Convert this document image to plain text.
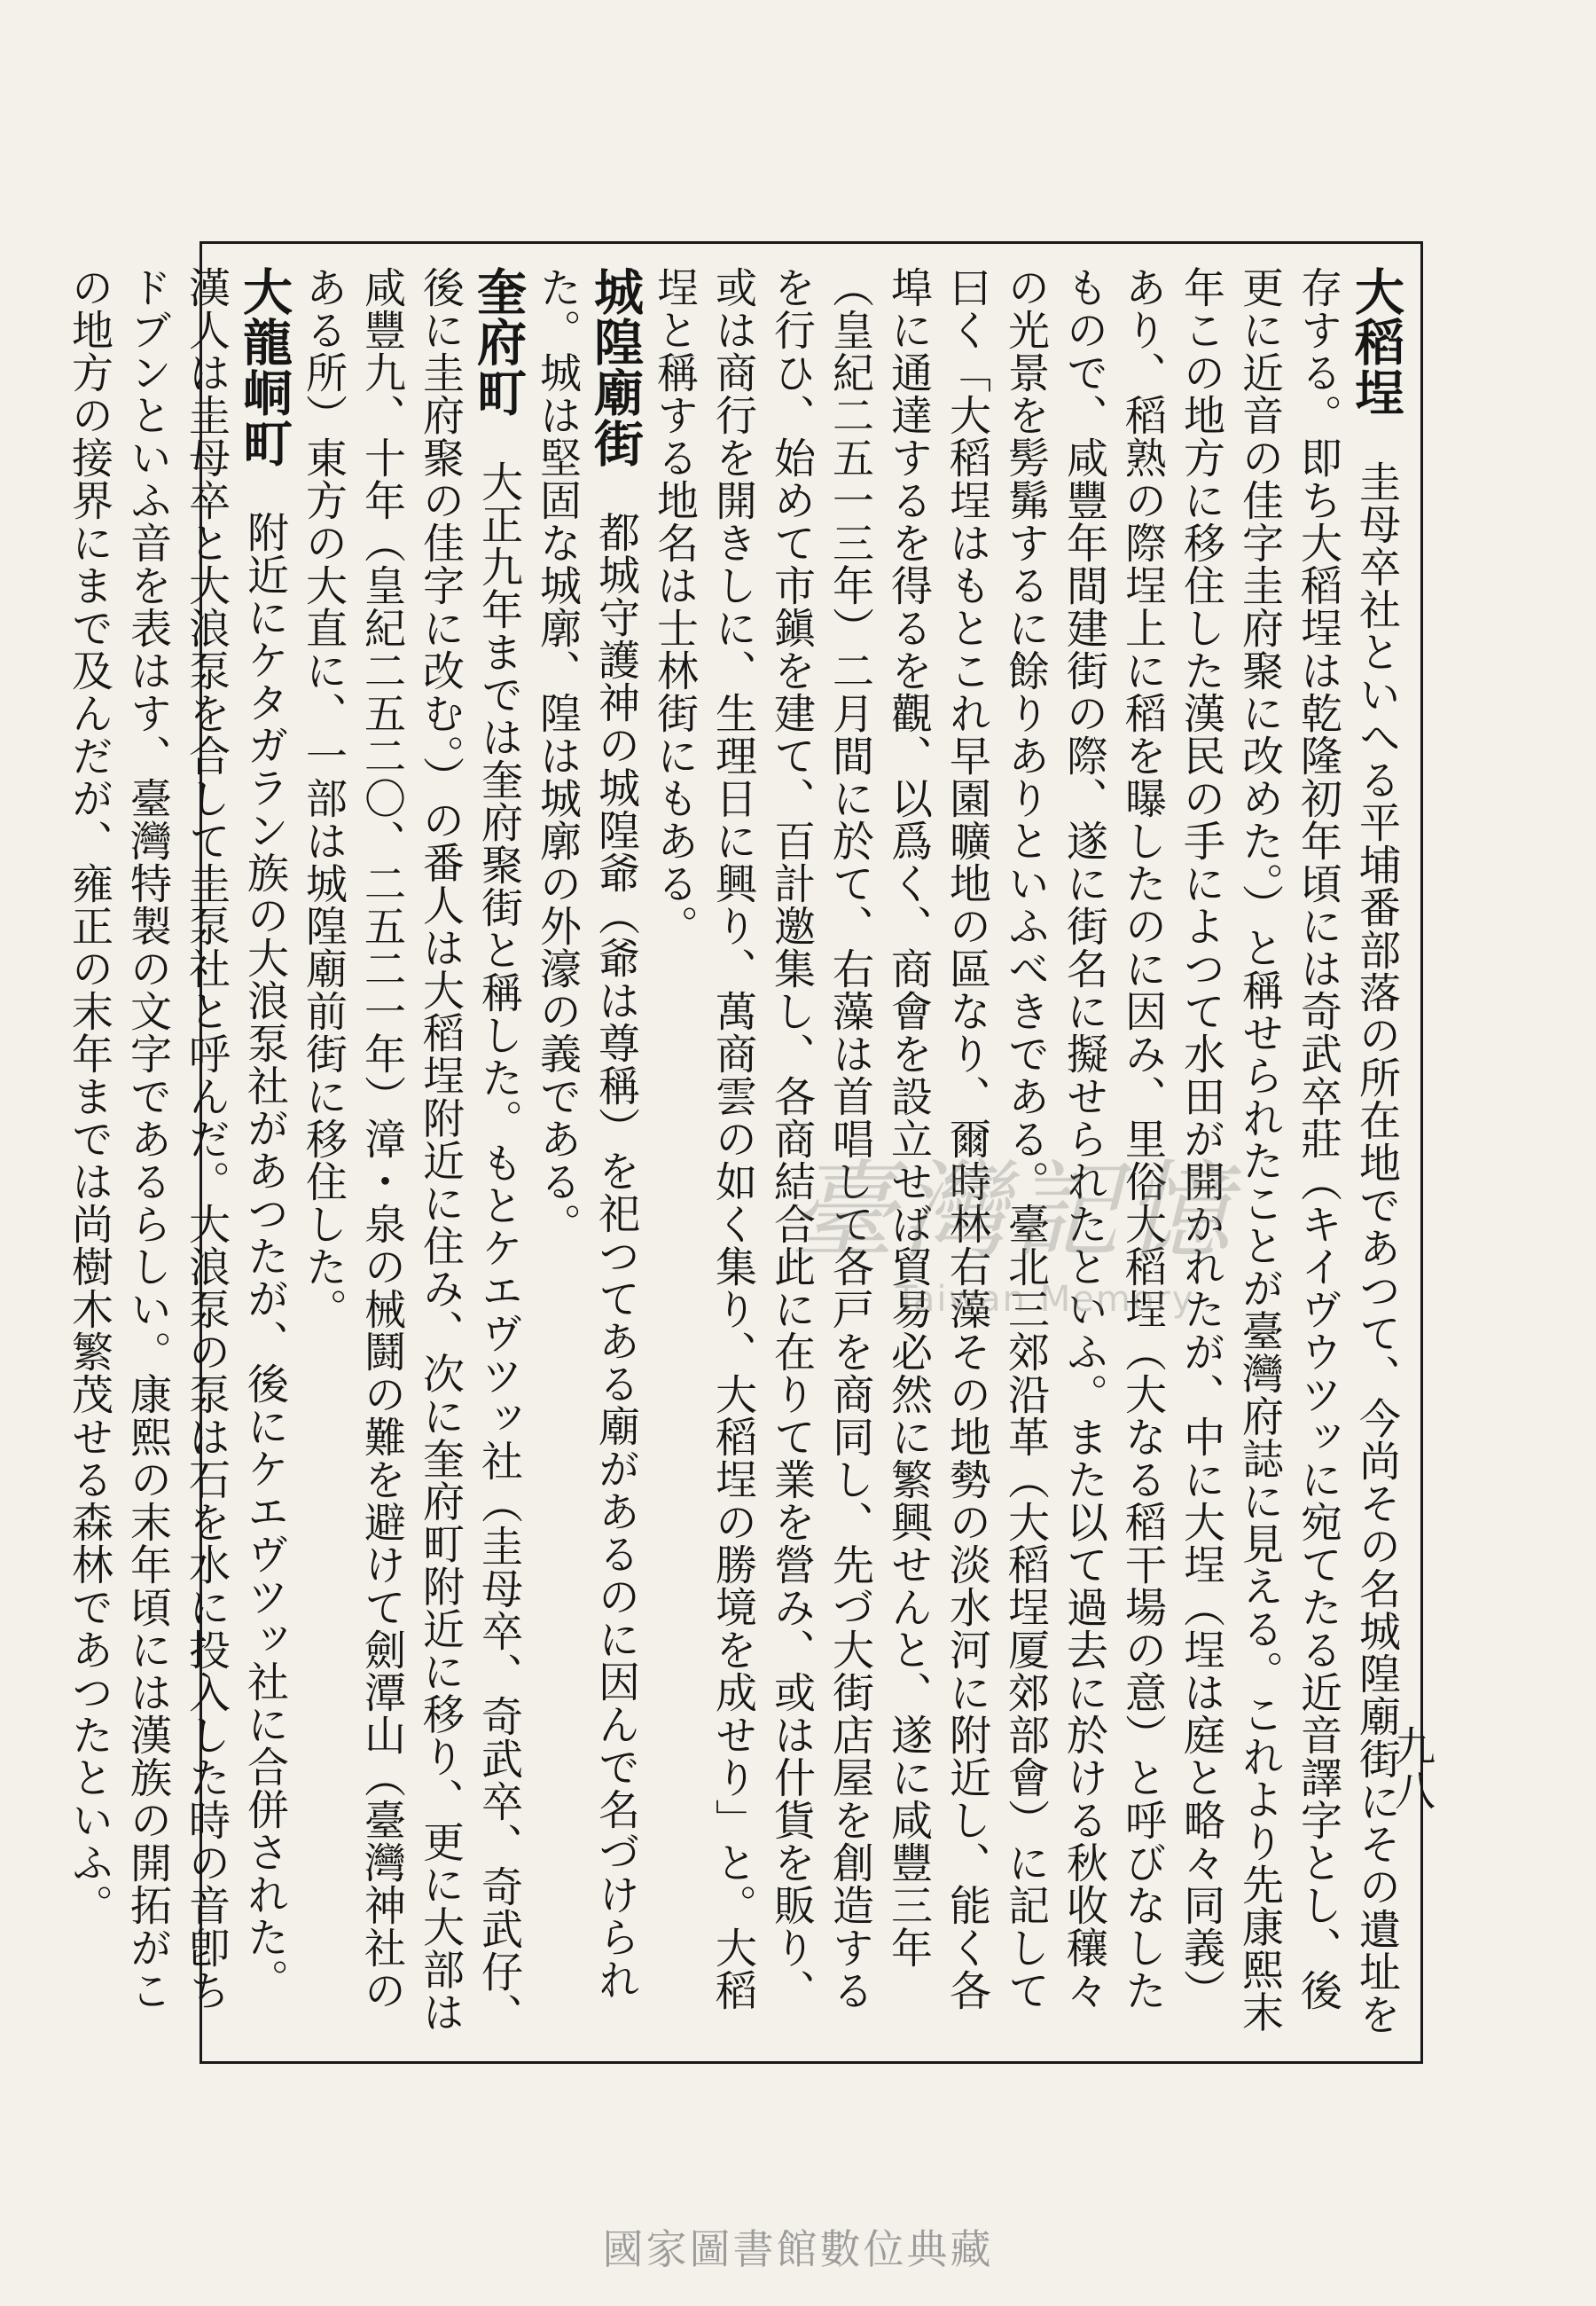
大稻埕圭母卒社といへる平埔番部落の所在地であつて、今尚その名城隍廟街にその遺址を存する。即ち大稻埕は乾隆初年頃には奇武卒莊（キイヴウツッに宛てたる近音譯字とし、後更に近音の佳字圭府聚に改めた。）と稱せられたことが臺灣府誌に見える。これより先康熙末年この地方に移住した漢民の手によつて水田が開かれたが、中に大埕（埕は庭と略々同義）あり、稻熟の際埕上に稻を曝したのに因み、里俗大稻埕（大なる稻干場の意）と呼びなしたもので、咸豐年間建街の際、遂に街名に擬せられたといふ。また以て過去に於ける秋收穰々の光景を髣髴するに餘りありといふべきである。臺北三郊沿革（大稻埕厦郊部會）に記して曰く「大稻埕はもとこれ早園曠地の區なり、爾時林右藻その地勢の淡水河に附近し、能く各埠に通達するを得るを觀、以爲く、商會を設立せば貿易必然に繁興せんと、遂に咸豐三年（皇紀二五一三年）二月間に於て、右藻は首唱して各戸を商同し、先づ大街店屋を創造するを行ひ、始めて市鎭を建て、百計邀集し、各商結合此に在りて業を營み、或は什貨を販り、或は商行を開きしに、生理日に興り、萬商雲の如く集り、大稻埕の勝境を成せり」と。大稻埕と稱する地名は士林街にもある。

城隍廟街都城守護神の城隍爺（爺は尊稱）を祀つてある廟があるのに因んで名づけられた。城は堅固な城廓、隍は城廓の外濠の義である。

奎府町大正九年までは奎府聚街と稱した。もとケエヴツッ社（圭母卒、奇武卒、奇武仔、後に圭府聚の佳字に改む。）の番人は大稻埕附近に住み、次に奎府町附近に移り、更に大部は咸豐九、十年（皇紀二五二〇、二五二一年）漳・泉の械鬪の難を避けて劍潭山（臺灣神社のある所）東方の大直に、一部は城隍廟前街に移住した。

大龍峒町附近にケタガラン族の大浪泵社があつたが、後にケエヴツッ社に合併された。漢人は圭母卒と大浪泵を合して圭泵社と呼んだ。大浪泵の泵は石を水に投入した時の音卽ちドブンといふ音を表はす、臺灣特製の文字であるらしい。康熙の末年頃には漢族の開拓がこの地方の接界にまで及んだが、雍正の末年までは尚樹木繁茂せる森林であつたといふ。	九八
臺灣記憶
Taiwan Memory
國家圖書館數位典藏
